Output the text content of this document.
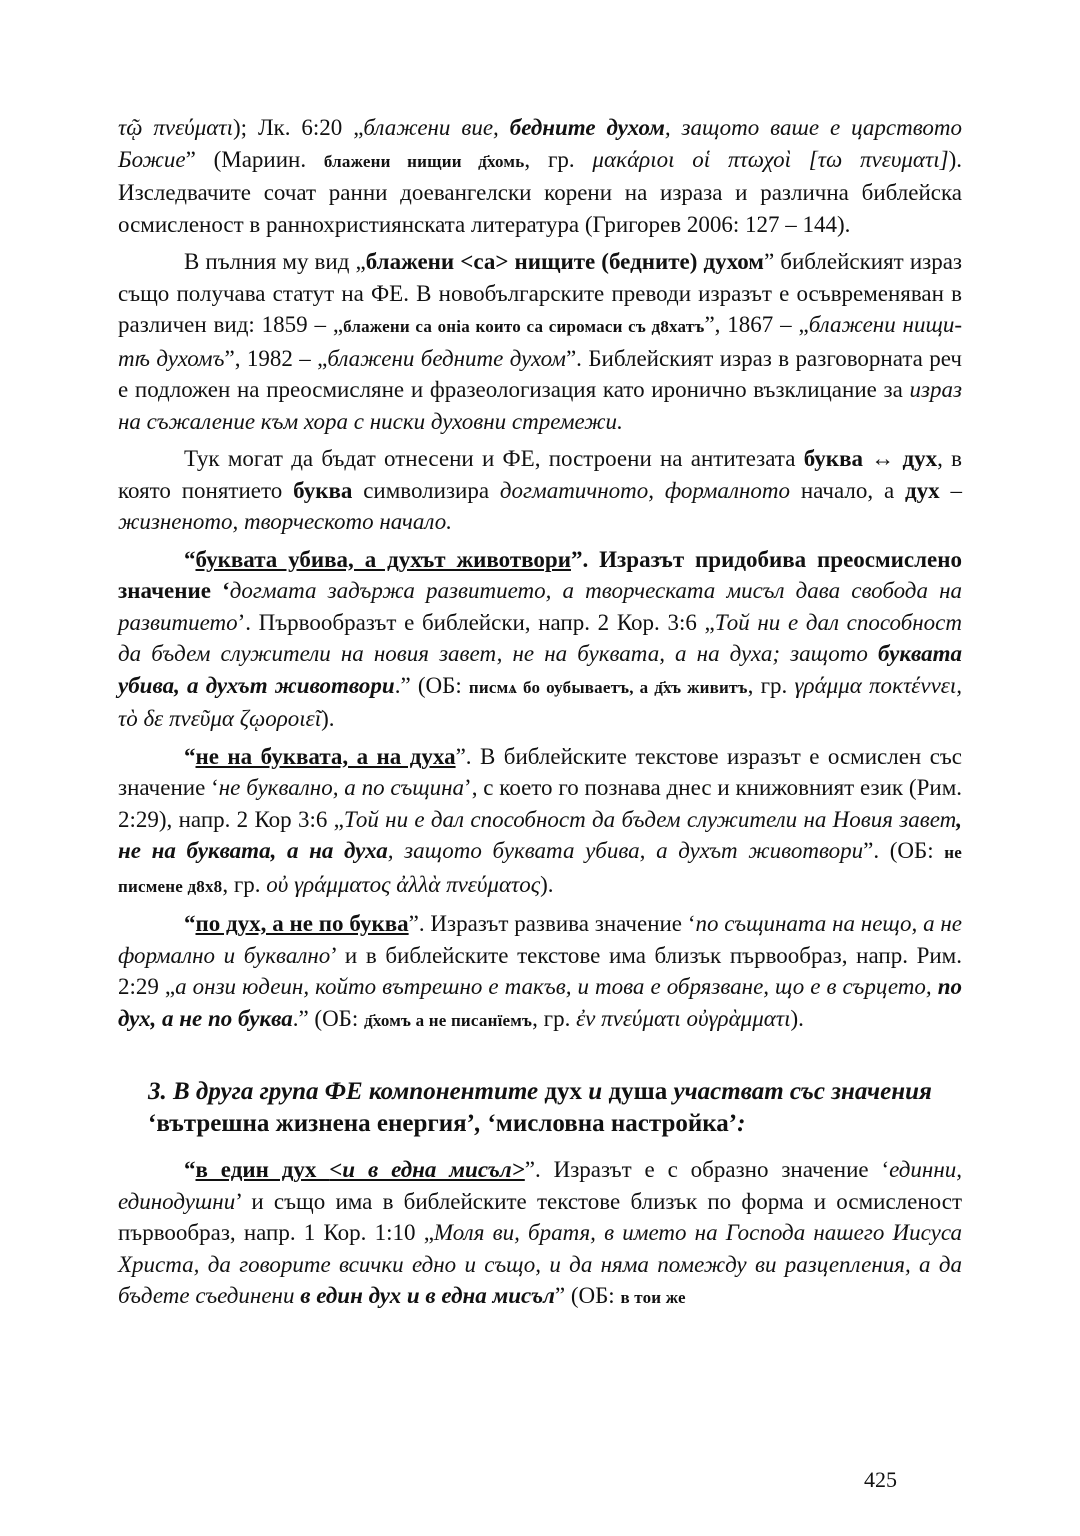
τῷ πνεύματι); Лк. 6:20 „блажени вие, бедните духом, защото ваше е царството Божие” (Мариин. блажени нищии д҃хомь, гр. μακάριοι οἱ πτωχοὶ [τω πνευματι]). Изследвачите сочат ранни доевангелски корени на израза и различна библейска осмисленост в раннохристиянската литература (Григорев 2006: 127 – 144).

В пълния му вид „блажени <са> нищите (бедните) духом” библейският израз също получава статут на ФЕ. В новобългарските преводи изразът е осъвременяван в различен вид: 1859 – „блажени са онiа които са сиромаси съ д8хатъ”, 1867 – „блажени нищи-тѣ духомъ”, 1982 – „блажени бедните духом”. Библейският израз в разговорната реч е подложен на преосмисляне и фразеологизация като иронично възклицание за израз на съжаление към хора с ниски духовни стремежи.

Тук могат да бъдат отнесени и ФЕ, построени на антитезата буква ↔ дух, в която понятието буква символизира догматичното, формалното начало, а дух – жизненото, творческото начало.

“буквата убива, а духът животвори”. Изразът придобива преосмислено значение ‘догмата задържа развитието, а творческата мисъл дава свобода на развитието’. Първообразът е библейски, напр. 2 Кор. 3:6 „Той ни е дал способност да бъдем служители на новия завет, не на буквата, а на духа; защото буквата убива, а духът животвори.” (ОБ: писмѧ бо оубываетъ, а д҃хъ живитъ, гр. γράμμα ποκτέννει, τὸ δε πνεῦμα ζῳοροιεῖ).

“не на буквата, а на духа”. В библейските текстове изразът е осмислен със значение ‘не буквално, а по същина’, с което го познава днес и книжовният език (Рим. 2:29), напр. 2 Кор 3:6 „Той ни е дал способност да бъдем служители на Новия завет, не на буквата, а на духа, защото буквата убива, а духът животвори”. (ОБ: не писменe д8х8, гр. οὐ γράμματος ἀλλὰ πνεύματος).

“по дух, а не по буква”. Изразът развива значение ‘по същината на нещо, а не формално и буквално’ и в библейските текстове има близък първообраз, напр. Рим. 2:29 „а онзи юдеин, който вътрешно е такъв, и това е обрязване, що е в сърцето, по дух, а не по буква.” (ОБ: д҃хомъ а не писанїемъ, гр. ἐν πνεύματι οὐγρὰμματι).

3. В друга група ФЕ компонентите дух и душа участват със значения ‘вътрешна жизнена енергия’, ‘мисловна настройка’:

“в един дух <и в една мисъл>”. Изразът е с образно значение ‘единни, единодушни’ и също има в библейските текстове близък по форма и осмисленост първообраз, напр. 1 Кор. 1:10 „Моля ви, братя, в името на Господа нашего Иисуса Христа, да говорите всички едно и също, и да няма помежду ви разцепления, а да бъдете съединени в един дух и в една мисъл” (ОБ: в тои же

425
